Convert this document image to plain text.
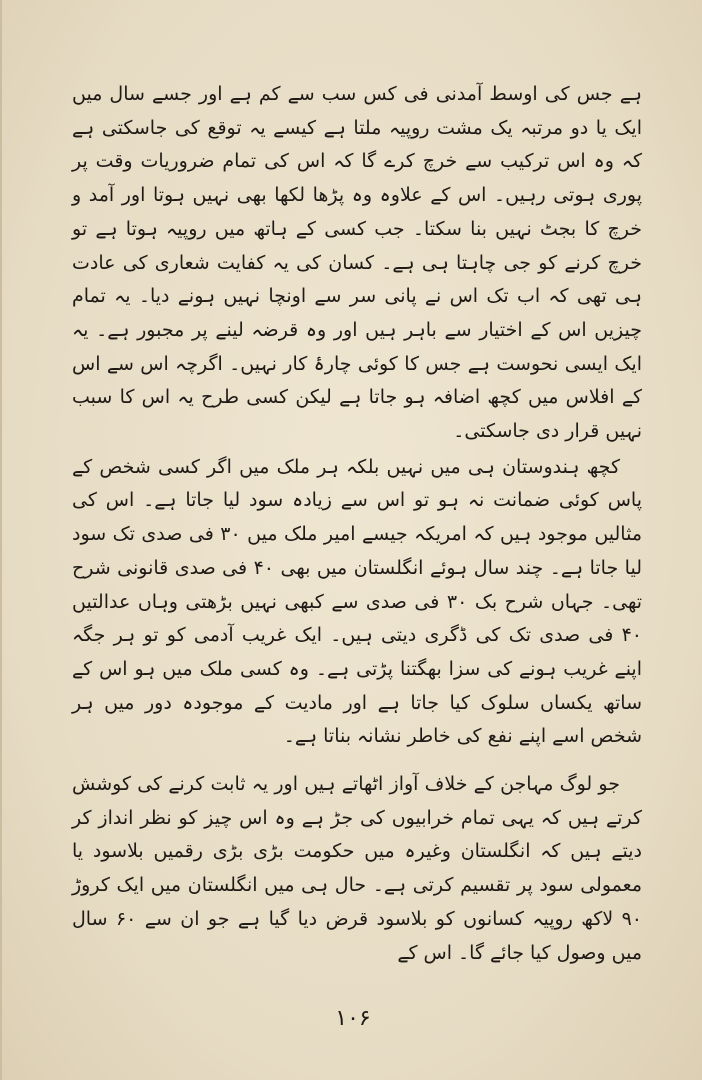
ہے جس کی اوسط آمدنی فی کس سب سے کم ہے اور جسے سال میں ایک یا دو مرتبہ یک مشت روپیہ ملتا ہے کیسے یہ توقع کی جاسکتی ہے کہ وہ اس ترکیب سے خرچ کرے گا کہ اس کی تمام ضروریات وقت پر پوری ہوتی رہیں۔ اس کے علاوہ وہ پڑھا لکھا بھی نہیں ہوتا اور آمد و خرچ کا بجٹ نہیں بنا سکتا۔ جب کسی کے ہاتھ میں روپیہ ہوتا ہے تو خرچ کرنے کو جی چاہتا ہی ہے۔ کسان کی یہ کفایت شعاری کی عادت ہی تھی کہ اب تک اس نے پانی سر سے اونچا نہیں ہونے دیا۔ یہ تمام چیزیں اس کے اختیار سے باہر ہیں اور وہ قرضہ لینے پر مجبور ہے۔ یہ ایک ایسی نحوست ہے جس کا کوئی چارۂ کار نہیں۔ اگرچہ اس سے اس کے افلاس میں کچھ اضافہ ہو جاتا ہے لیکن کسی طرح یہ اس کا سبب نہیں قرار دی جاسکتی۔

کچھ ہندوستان ہی میں نہیں بلکہ ہر ملک میں اگر کسی شخص کے پاس کوئی ضمانت نہ ہو تو اس سے زیادہ سود لیا جاتا ہے۔ اس کی مثالیں موجود ہیں کہ امریکہ جیسے امیر ملک میں ۳۰ فی صدی تک سود لیا جاتا ہے۔ چند سال ہوئے انگلستان میں بھی ۴۰ فی صدی قانونی شرح تھی۔ جہاں شرح بک ۳۰ فی صدی سے کبھی نہیں بڑھتی وہاں عدالتیں ۴۰ فی صدی تک کی ڈگری دیتی ہیں۔ ایک غریب آدمی کو تو ہر جگہ اپنے غریب ہونے کی سزا بھگتنا پڑتی ہے۔ وہ کسی ملک میں ہو اس کے ساتھ یکساں سلوک کیا جاتا ہے اور مادیت کے موجودہ دور میں ہر شخص اسے اپنے نفع کی خاطر نشانہ بناتا ہے۔

جو لوگ مہاجن کے خلاف آواز اٹھاتے ہیں اور یہ ثابت کرنے کی کوشش کرتے ہیں کہ یہی تمام خرابیوں کی جڑ ہے وہ اس چیز کو نظر انداز کر دیتے ہیں کہ انگلستان وغیرہ میں حکومت بڑی بڑی رقمیں بلاسود یا معمولی سود پر تقسیم کرتی ہے۔ حال ہی میں انگلستان میں ایک کروڑ ۹۰ لاکھ روپیہ کسانوں کو بلاسود قرض دیا گیا ہے جو ان سے ۶۰ سال میں وصول کیا جائے گا۔ اس کے

۱۰۶
